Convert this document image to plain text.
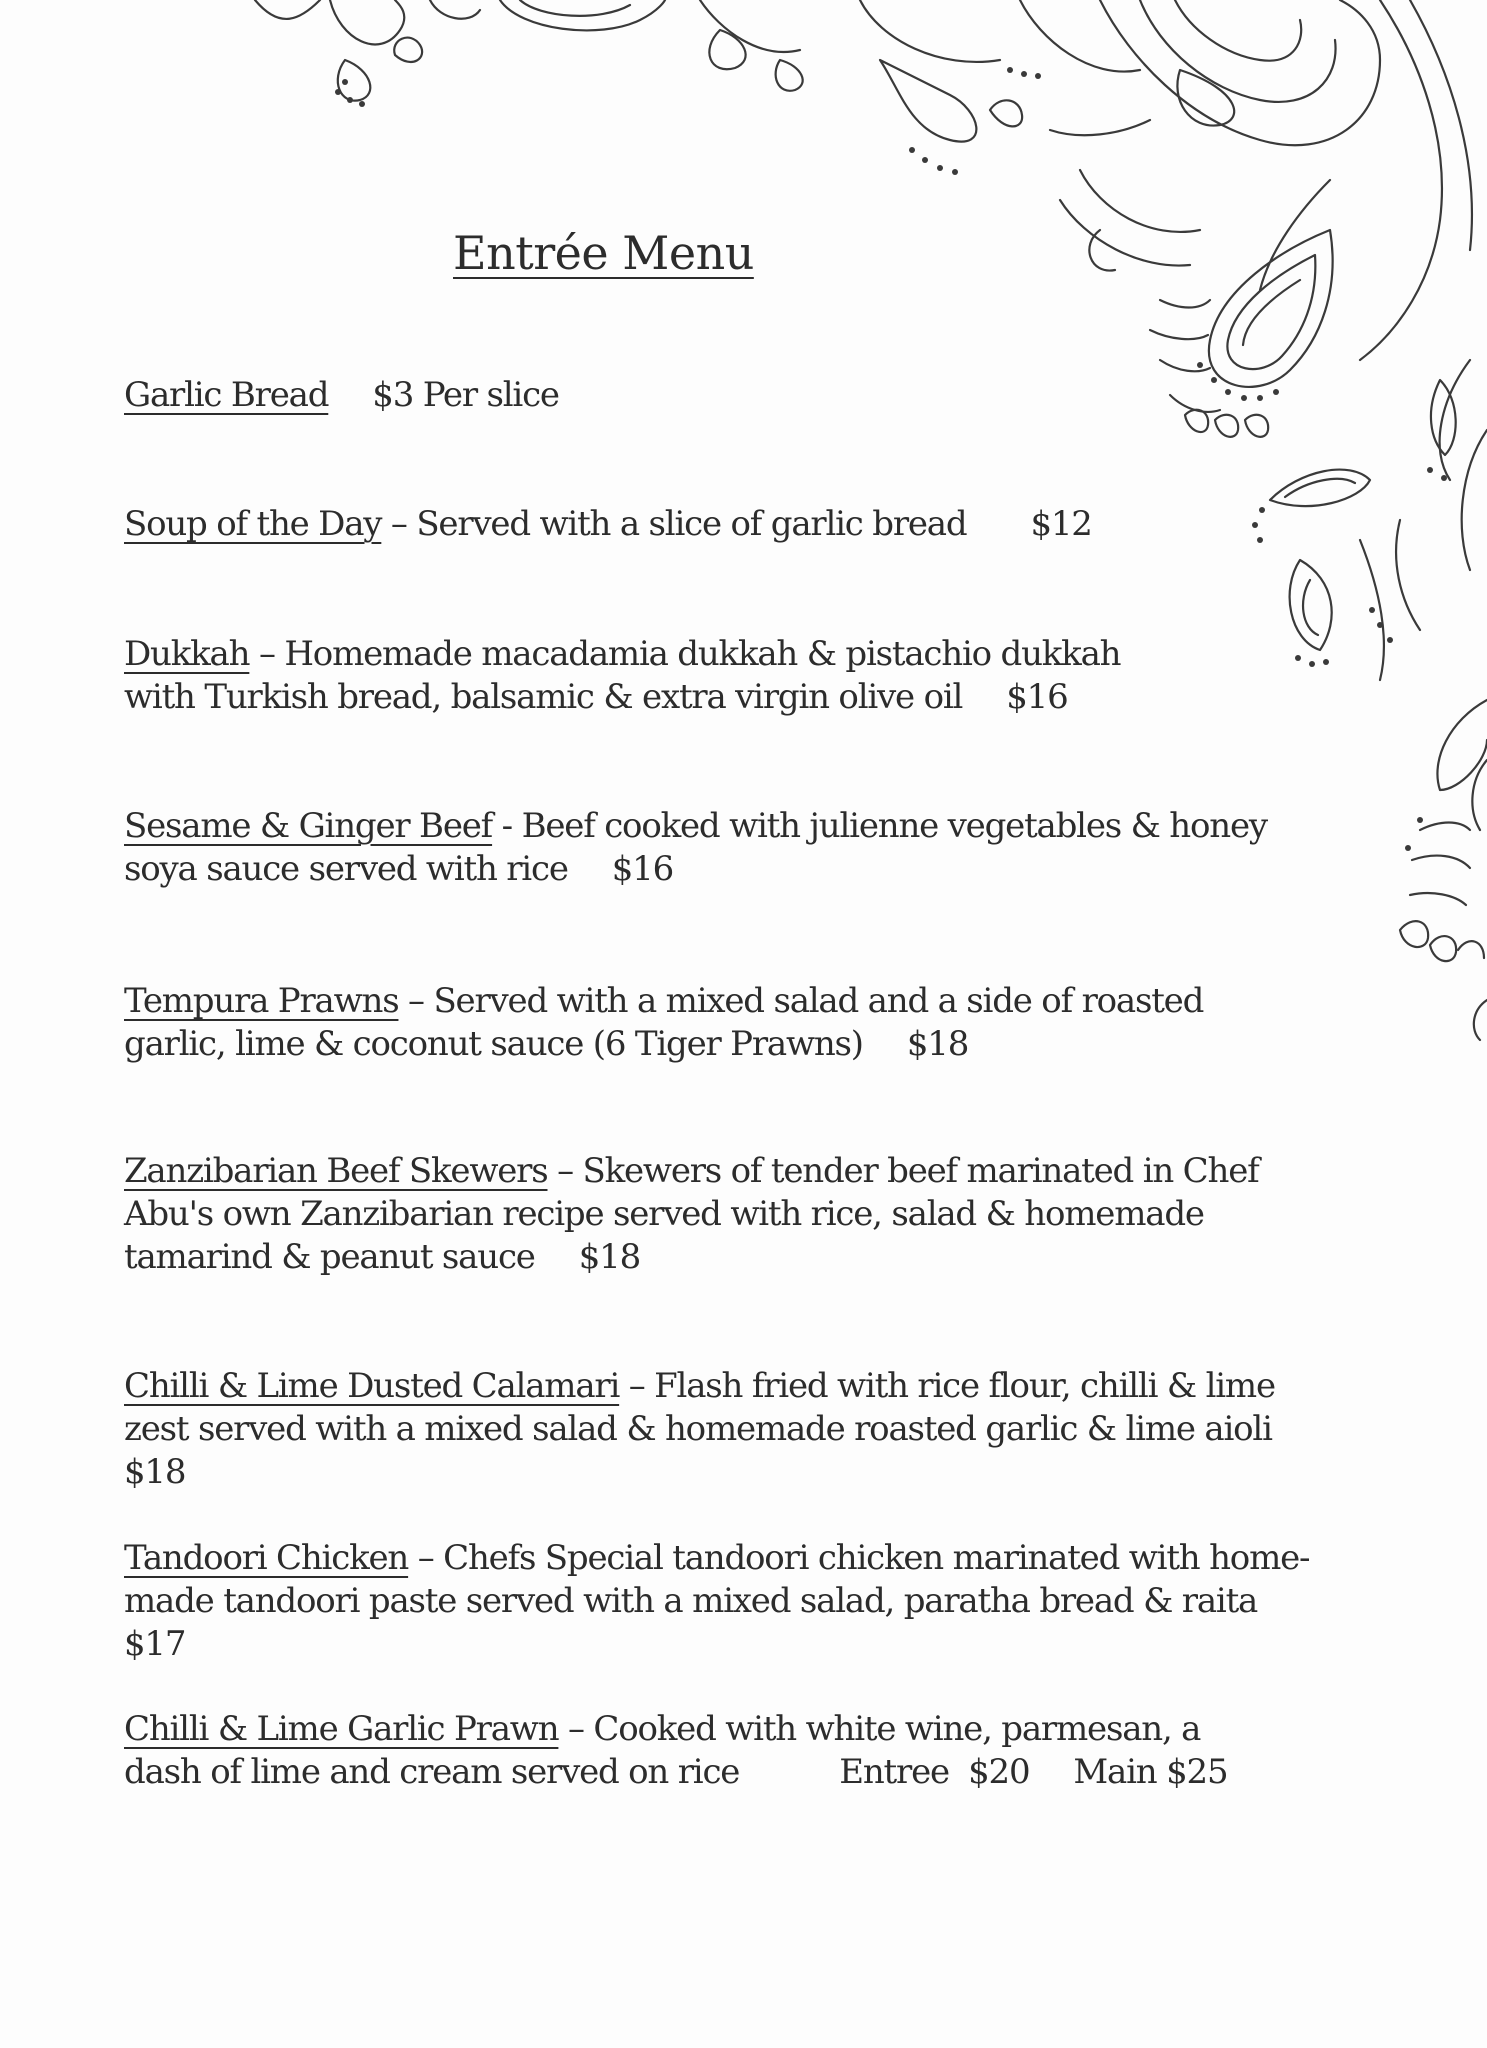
Entrée Menu
Garlic Bread $3 Per slice
Soup of the Day – Served with a slice of garlic bread $12
Dukkah – Homemade macadamia dukkah & pistachio dukkah with Turkish bread, balsamic & extra virgin olive oil $16
Sesame & Ginger Beef - Beef cooked with julienne vegetables & honey soya sauce served with rice $16
Tempura Prawns – Served with a mixed salad and a side of roasted garlic, lime & coconut sauce (6 Tiger Prawns) $18
Zanzibarian Beef Skewers – Skewers of tender beef marinated in Chef Abu's own Zanzibarian recipe served with rice, salad & homemade tamarind & peanut sauce $18
Chilli & Lime Dusted Calamari – Flash fried with rice flour, chilli & lime zest served with a mixed salad & homemade roasted garlic & lime aioli$18
Tandoori Chicken – Chefs Special tandoori chicken marinated with home-made tandoori paste served with a mixed salad, paratha bread & raita$17
Chilli & Lime Garlic Prawn – Cooked with white wine, parmesan, a dash of lime and cream served on rice	Entree  $20 Main $25
